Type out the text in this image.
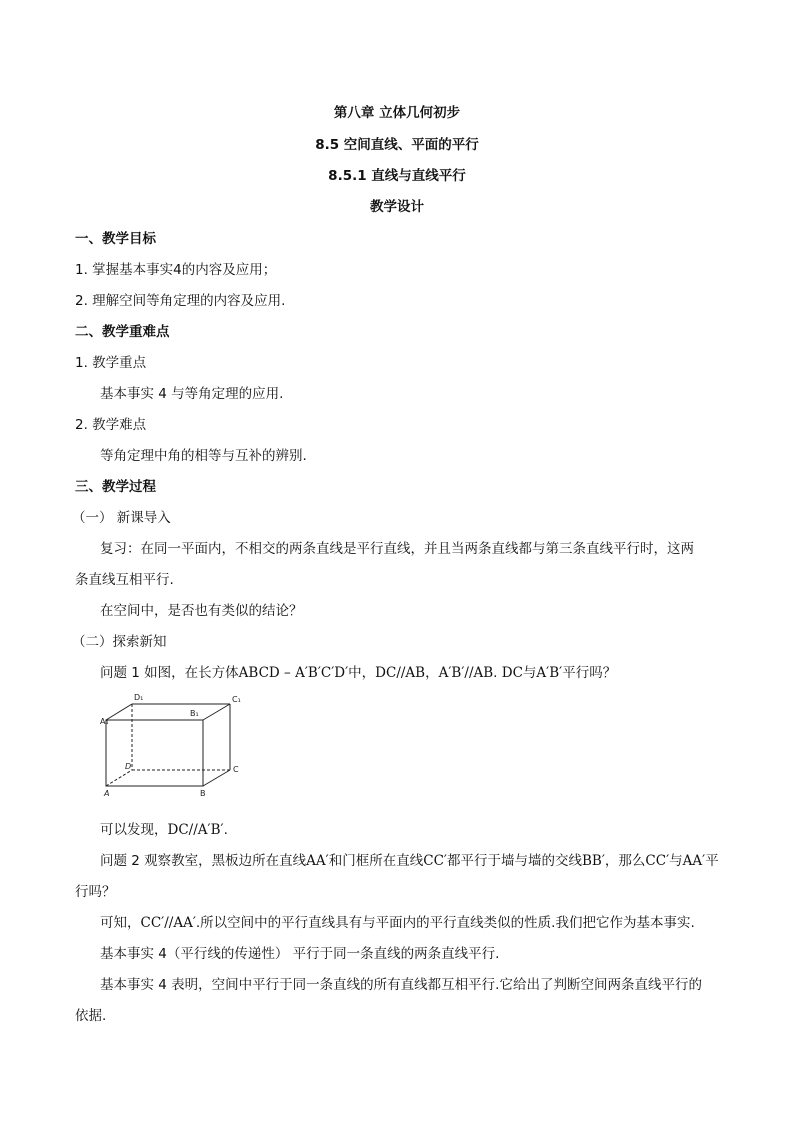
第八章 立体几何初步
8.5 空间直线、平面的平行
8.5.1 直线与直线平行
教学设计
一、教学目标
1. 掌握基本事实4的内容及应用；
2. 理解空间等角定理的内容及应用.
二、教学重难点
1. 教学重点
基本事实 4 与等角定理的应用.
2. 教学难点
等角定理中角的相等与互补的辨别.
三、教学过程
（一） 新课导入
复习：在同一平面内，不相交的两条直线是平行直线，并且当两条直线都与第三条直线平行时，这两
条直线互相平行.
在空间中，是否也有类似的结论？
（二）探索新知
问题 1 如图，在长方体ABCD – A′B′C′D′中，DC//AB，A′B′//AB. DC与A′B′平行吗？
A₁
B₁
C₁
D₁
A	B
C
D
可以发现，DC//A′B′.
问题 2 观察教室，黑板边所在直线AA′和门框所在直线CC′都平行于墙与墙的交线BB′，那么CC′与AA′平
行吗？
可知，CC′//AA′.所以空间中的平行直线具有与平面内的平行直线类似的性质.我们把它作为基本事实.
基本事实 4（平行线的传递性） 平行于同一条直线的两条直线平行.
基本事实 4 表明，空间中平行于同一条直线的所有直线都互相平行.它给出了判断空间两条直线平行的
依据.
